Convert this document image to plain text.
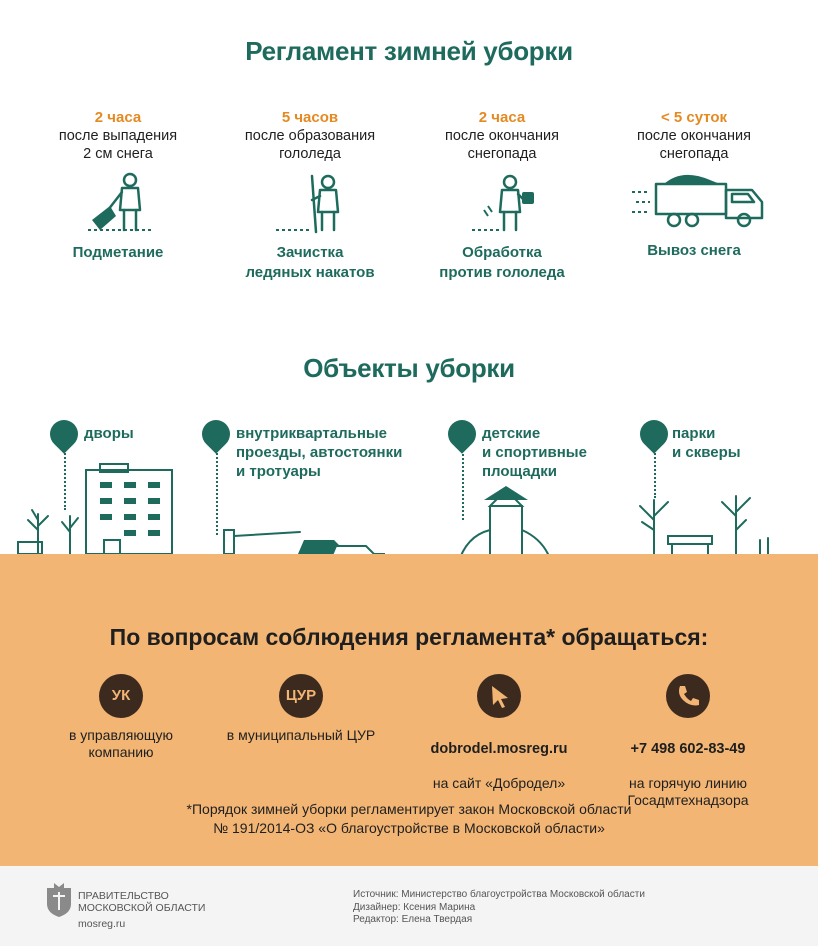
Регламент зимней уборки
2 часа
после выпадения
2 см снега
Подметание
5 часов
после образования
гололеда
Зачистка
ледяных накатов
2 часа
после окончания
снегопада
Обработка
против гололеда
< 5 суток
после окончания
снегопада
Вывоз снега
Объекты уборки
дворы	внутриквартальные
проезды, автостоянки
и тротуары
детские
и спортивные
площадки
парки
и скверы
По вопросам соблюдения регламента* обращаться:
УК
в управляющую
компанию
ЦУР
в муниципальный ЦУР

dobrodel.mosreg.ru

на сайт «Добродел»

+7 498 602-83-49

на горячую линию
Госадмтехнадзора

*Порядок зимней уборки регламентирует закон Московской области
№ 191/2014-ОЗ «О благоустройстве в Московской области»
ПРАВИТЕЛЬСТВО
МОСКОВСКОЙ ОБЛАСТИ
mosreg.ru
Источник: Министерство благоустройства Московской области
Дизайнер: Ксения Марина
Редактор: Елена Твердая
